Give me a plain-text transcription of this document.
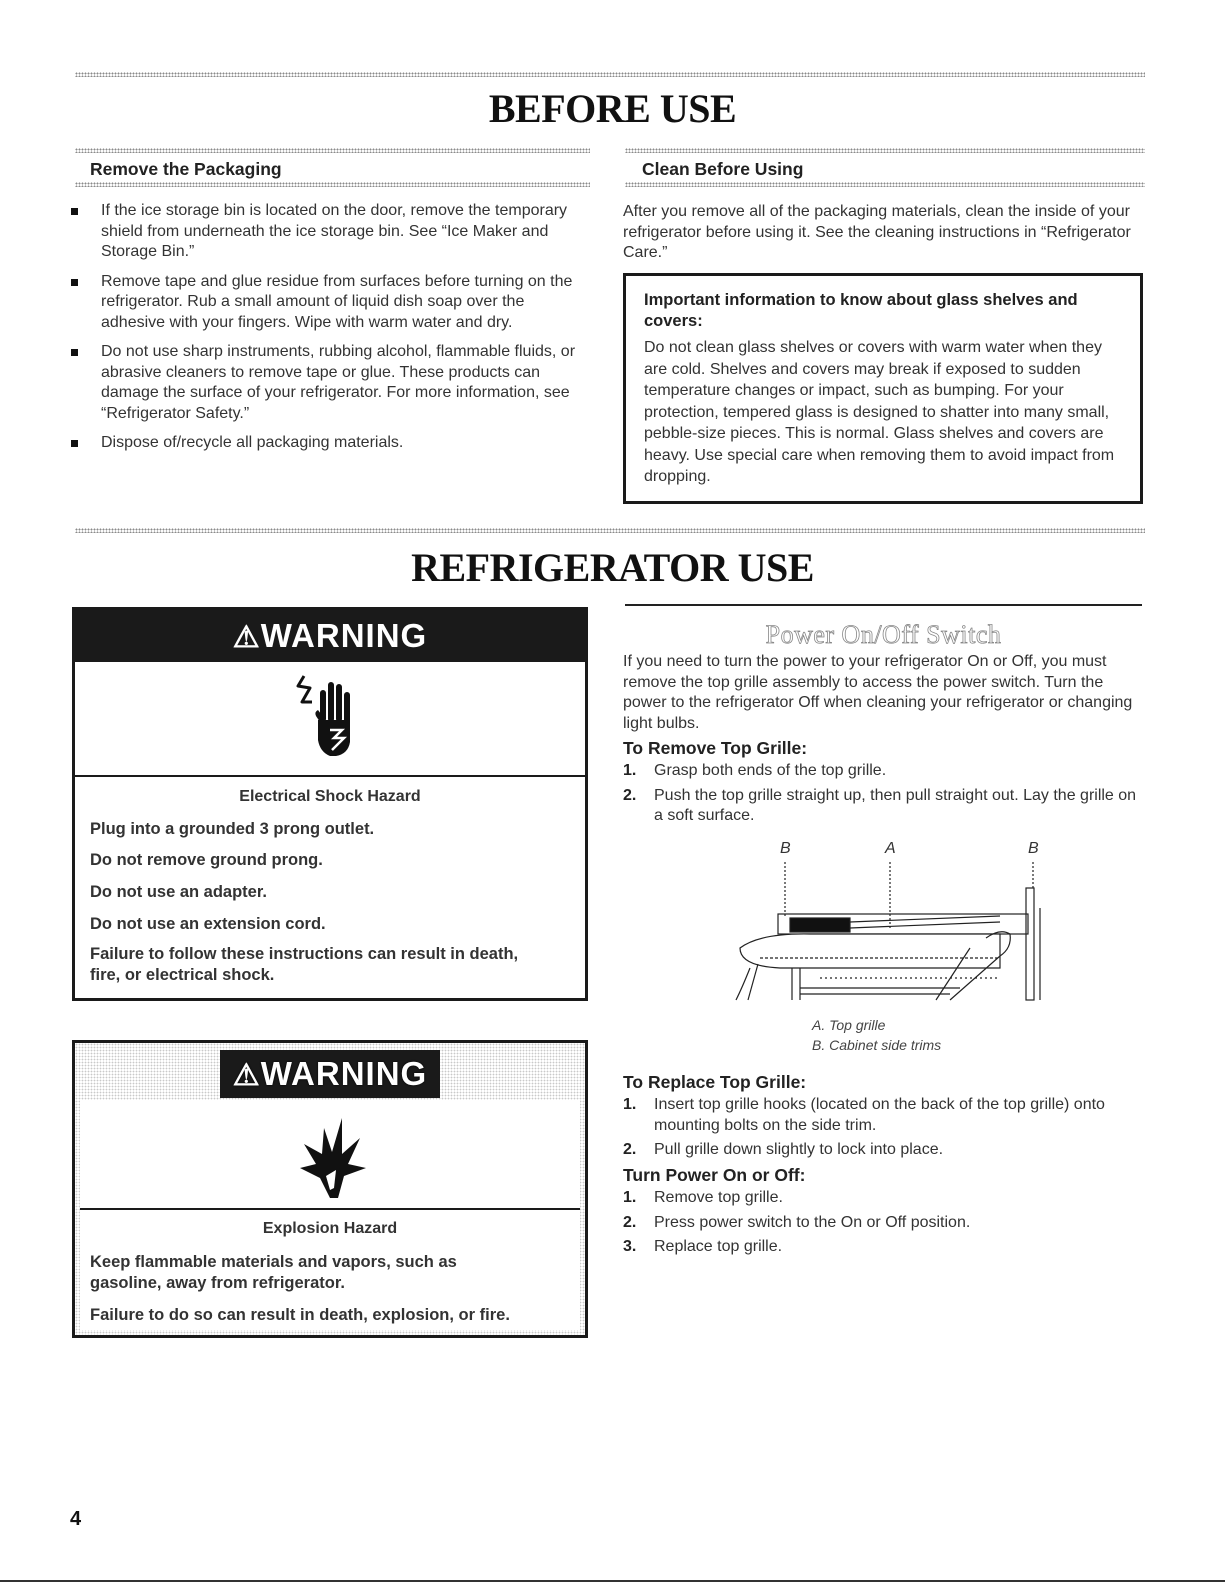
BEFORE USE
Remove the Packaging
If the ice storage bin is located on the door, remove the temporary shield from underneath the ice storage bin. See “Ice Maker and Storage Bin.”
Remove tape and glue residue from surfaces before turning on the refrigerator. Rub a small amount of liquid dish soap over the adhesive with your fingers. Wipe with warm water and dry.
Do not use sharp instruments, rubbing alcohol, flammable fluids, or abrasive cleaners to remove tape or glue. These products can damage the surface of your refrigerator. For more information, see “Refrigerator Safety.”
Dispose of/recycle all packaging materials.
Clean Before Using
After you remove all of the packaging materials, clean the inside of your refrigerator before using it. See the cleaning instructions in “Refrigerator Care.”
Important information to know about glass shelves and covers:
Do not clean glass shelves or covers with warm water when they are cold. Shelves and covers may break if exposed to sudden temperature changes or impact, such as bumping. For your protection, tempered glass is designed to shatter into many small, pebble-size pieces. This is normal. Glass shelves and covers are heavy. Use special care when removing them to avoid impact from dropping.
REFRIGERATOR USE
⚠WARNING
Electrical Shock Hazard
Plug into a grounded 3 prong outlet.
Do not remove ground prong.
Do not use an adapter.
Do not use an extension cord.
Failure to follow these instructions can result in death, fire, or electrical shock.
⚠WARNING
Explosion Hazard
Keep flammable materials and vapors, such as gasoline, away from refrigerator.
Failure to do so can result in death, explosion, or fire.
Power On/Off Switch
If you need to turn the power to your refrigerator On or Off, you must remove the top grille assembly to access the power switch. Turn the power to the refrigerator Off when cleaning your refrigerator or changing light bulbs.
To Remove Top Grille:
1. Grasp both ends of the top grille.
2. Push the top grille straight up, then pull straight out. Lay the grille on a soft surface.
B	A	B
A. Top grille
B. Cabinet side trims
To Replace Top Grille:
1. Insert top grille hooks (located on the back of the top grille) onto mounting bolts on the side trim.
2. Pull grille down slightly to lock into place.
Turn Power On or Off:
1. Remove top grille.
2. Press power switch to the On or Off position.
3. Replace top grille.
4
